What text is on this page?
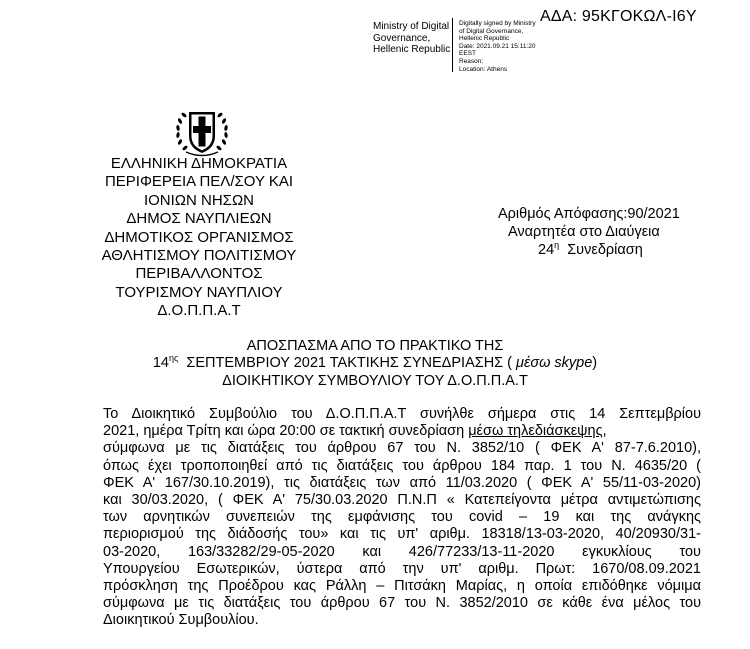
ΑΔΑ: 95ΚΓΟΚΩΛ-Ι6Υ
Ministry of Digital
Governance,
Hellenic Republic
Digitally signed by Ministry
of Digital Governance,
Hellenic Republic
Date: 2021.09.21 15:11:20
EEST
Reason:
Location: Athens
ΕΛΛΗΝΙΚΗ ΔΗΜΟΚΡΑΤΙΑ
ΠΕΡΙΦΕΡΕΙΑ ΠΕΛ/ΣΟΥ ΚΑΙ
ΙΟΝΙΩΝ ΝΗΣΩΝ
ΔΗΜΟΣ ΝΑΥΠΛΙΕΩΝ
ΔΗΜΟΤΙΚΟΣ ΟΡΓΑΝΙΣΜΟΣ
ΑΘΛΗΤΙΣΜΟΥ ΠΟΛΙΤΙΣΜΟΥ
ΠΕΡΙΒΑΛΛΟΝΤΟΣ
ΤΟΥΡΙΣΜΟΥ ΝΑΥΠΛΙΟΥ
Δ.Ο.Π.Π.Α.Τ
Αριθμός Απόφασης:90/2021
Αναρτητέα στο Διαύγεια
$24^\eta$ Συνεδρίαση
ΑΠΟΣΠΑΣΜΑ ΑΠΟ ΤΟ ΠΡΑΚΤΙΚΟ ΤΗΣ
$14^{\eta\varsigma}$ ΣΕΠΤΕΜΒΡΙΟΥ 2021 ΤΑΚΤΙΚΗΣ ΣΥΝΕΔΡΙΑΣΗΣ ( μέσω skype)
ΔΙΟΙΚΗΤΙΚΟΥ ΣΥΜΒΟΥΛΙΟΥ ΤΟΥ Δ.Ο.Π.Π.Α.Τ
Το Διοικητικό Συμβούλιο του Δ.Ο.Π.Π.Α.Τ συνήλθε σήμερα στις 14 Σεπτεμβρίου
2021, ημέρα Τρίτη και ώρα 20:00 σε τακτική συνεδρίαση μέσω τηλεδιάσκεψης,
σύμφωνα με τις διατάξεις του άρθρου 67 του Ν. 3852/10 ( ΦΕΚ Α' 87-7.6.2010),
όπως έχει τροποποιηθεί από τις διατάξεις του άρθρου 184 παρ. 1 του Ν. 4635/20 (
ΦΕΚ Α' 167/30.10.2019), τις διατάξεις των από 11/03.2020 ( ΦΕΚ Α' 55/11-03-2020)
και 30/03.2020, ( ΦΕΚ Α' 75/30.03.2020 Π.Ν.Π « Κατεπείγοντα μέτρα αντιμετώπισης
των αρνητικών συνεπειών της εμφάνισης του covid – 19 και της ανάγκης
περιορισμού της διάδοσής του» και τις υπ' αριθμ. 18318/13-03-2020, 40/20930/31-
03-2020, 163/33282/29-05-2020 και 426/77233/13-11-2020 εγκυκλίους του
Υπουργείου Εσωτερικών, ύστερα από την υπ' αριθμ. Πρωτ: 1670/08.09.2021
πρόσκληση της Προέδρου κας Ράλλη – Πιτσάκη Μαρίας, η οποία επιδόθηκε νόμιμα
σύμφωνα με τις διατάξεις του άρθρου 67 του Ν. 3852/2010 σε κάθε ένα μέλος του
Διοικητικού Συμβουλίου.
